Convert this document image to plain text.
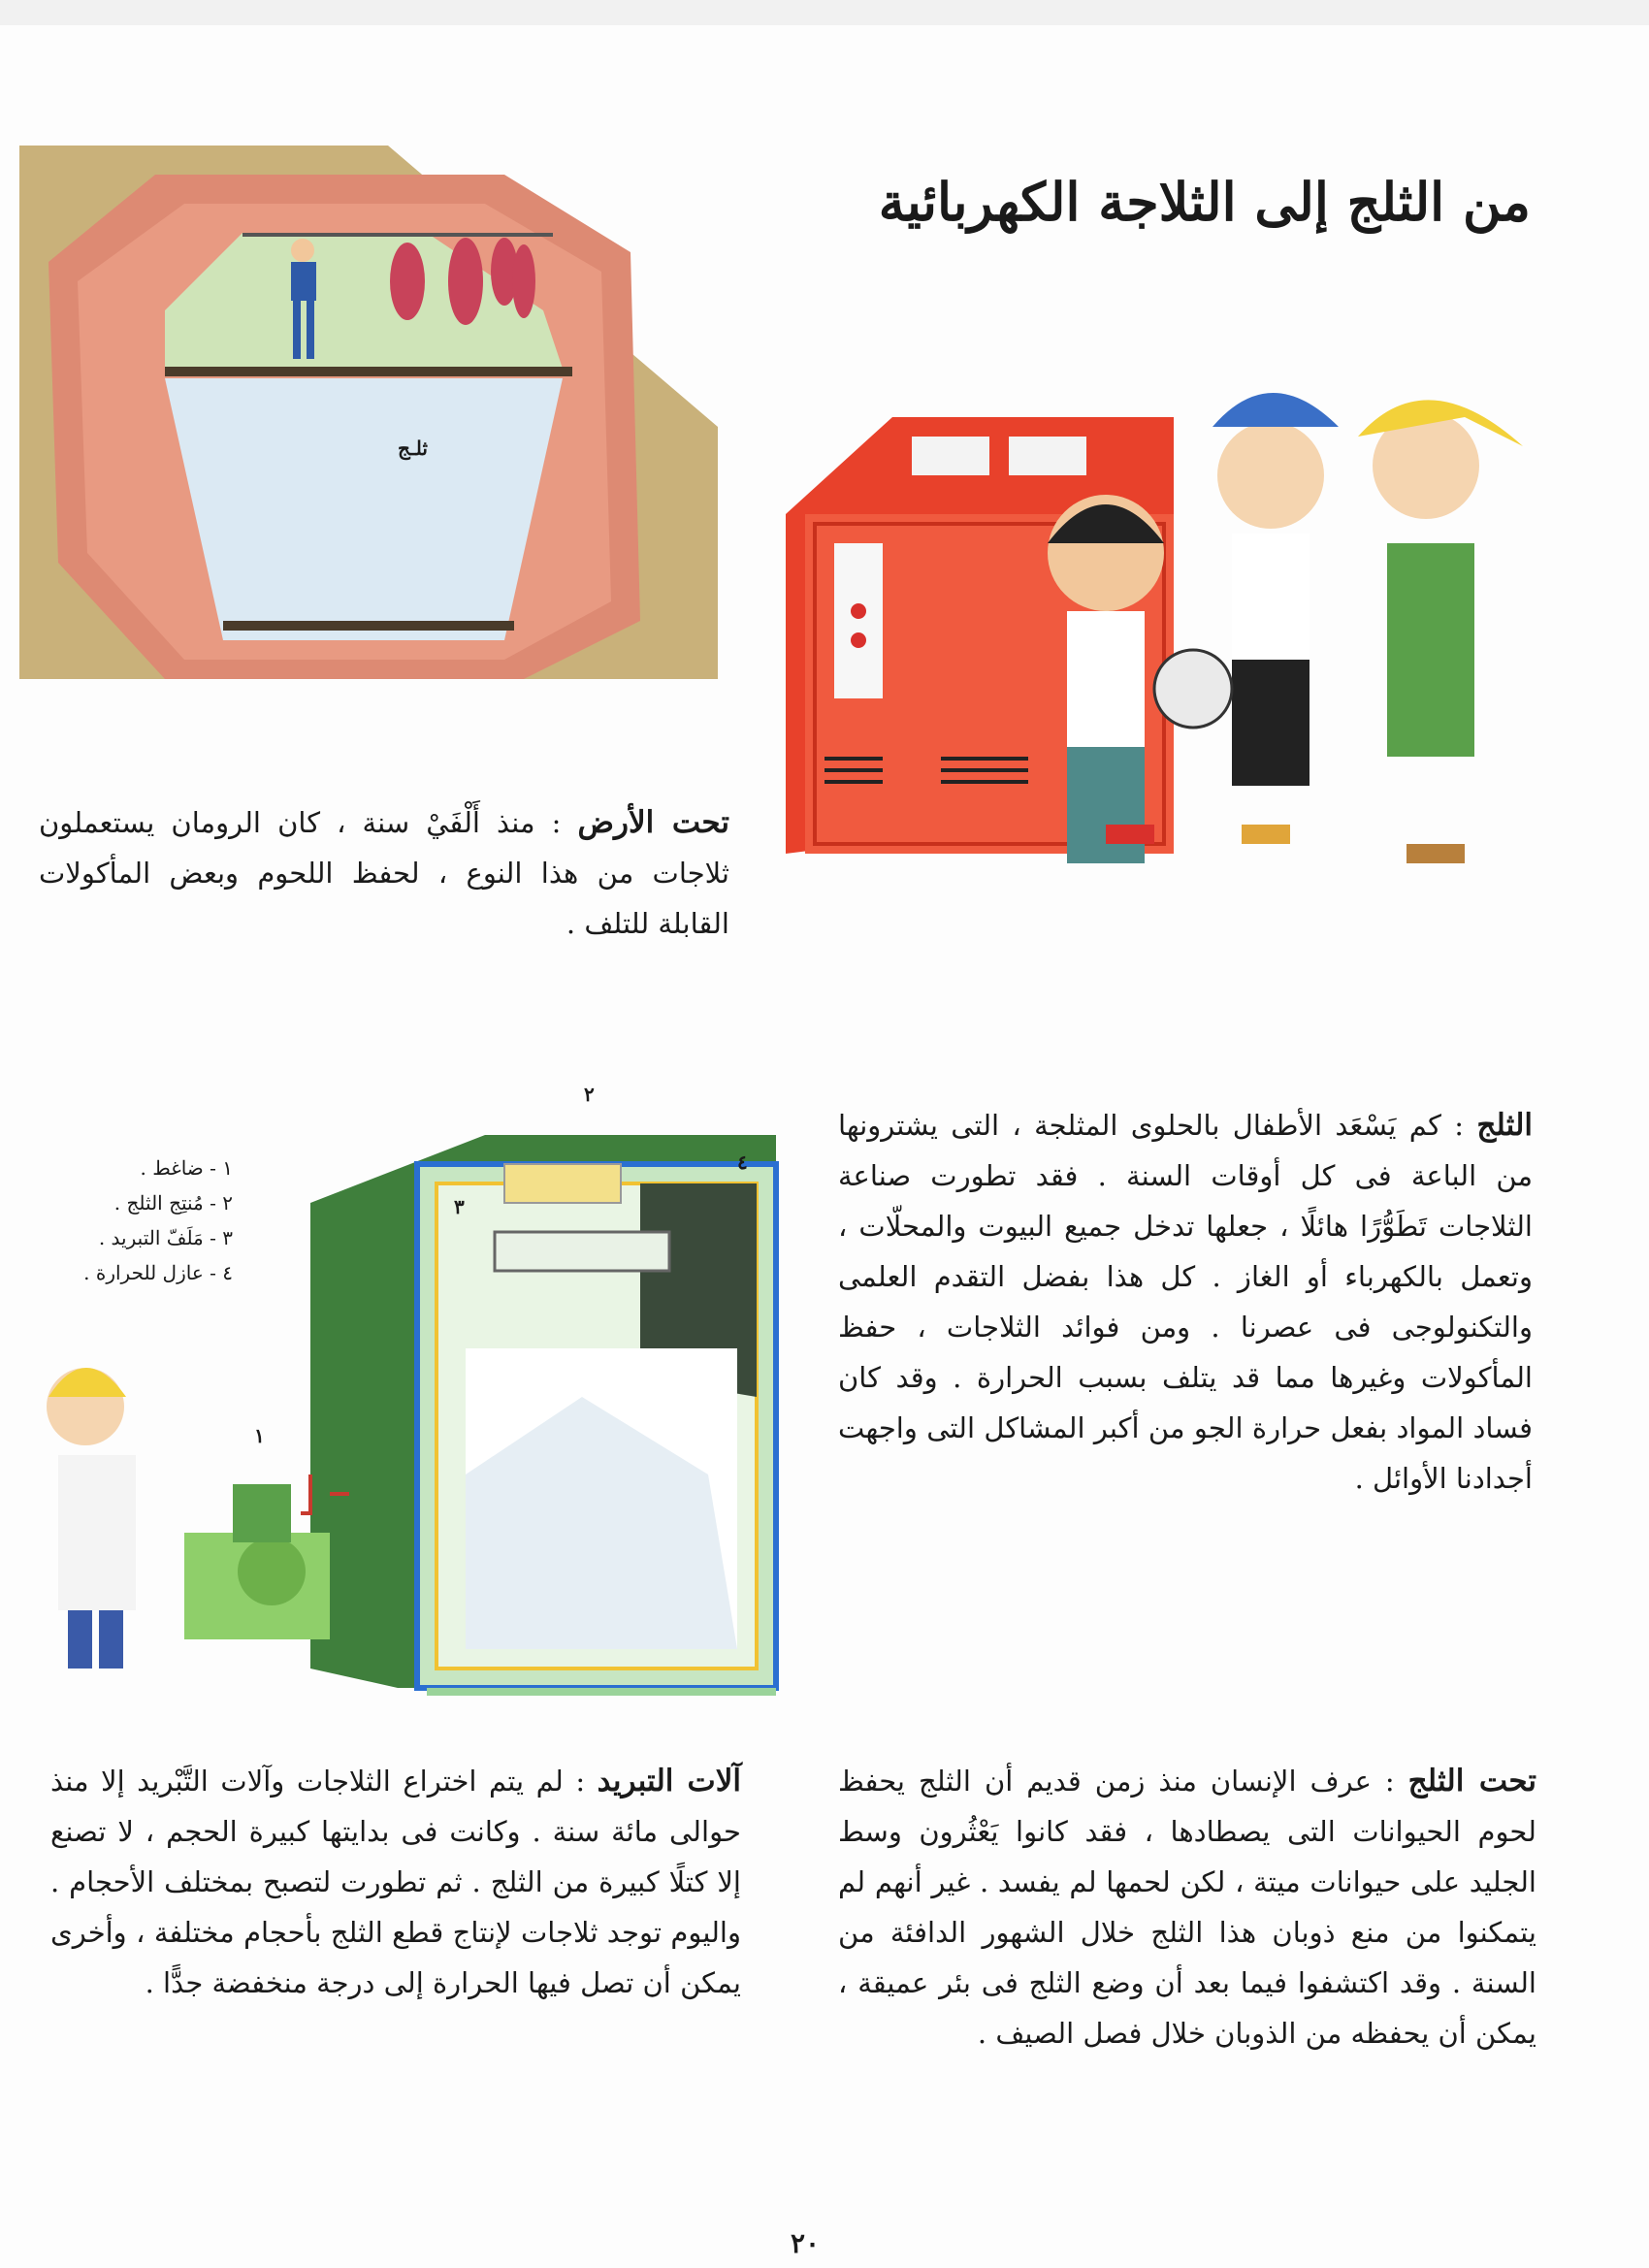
من الثلج إلى الثلاجة الكهربائية
ثلـج
تحت الأرض : منذ أَلْفَيْ سنة ، كان الرومان يستعملون ثلاجات من هذا النوع ، لحفظ اللحوم وبعض المأكولات القابلة للتلف .
٢
٤
٣
١
١ - ضاغط .
٢ - مُنتِج الثلج .
٣ - مَلَفّ التبريد .
٤ - عازل للحرارة .
الثلج : كم يَسْعَد الأطفال بالحلوى المثلجة ، التى يشترونها من الباعة فى كل أوقات السنة . فقد تطورت صناعة الثلاجات تَطَوُّرًا هائلًا ، جعلها تدخل جميع البيوت والمحلّات ، وتعمل بالكهرباء أو الغاز . كل هذا بفضل التقدم العلمى والتكنولوجى فى عصرنا . ومن فوائد الثلاجات ، حفظ المأكولات وغيرها مما قد يتلف بسبب الحرارة . وقد كان فساد المواد بفعل حرارة الجو من أكبر المشاكل التى واجهت أجدادنا الأوائل .
آلات التبريد : لم يتم اختراع الثلاجات وآلات التَّبْريد إلا منذ حوالى مائة سنة . وكانت فى بدايتها كبيرة الحجم ، لا تصنع إلا كتلًا كبيرة من الثلج . ثم تطورت لتصبح بمختلف الأحجام . واليوم توجد ثلاجات لإنتاج قطع الثلج بأحجام مختلفة ، وأخرى يمكن أن تصل فيها الحرارة إلى درجة منخفضة جدًّا .
تحت الثلج : عرف الإنسان منذ زمن قديم أن الثلج يحفظ لحوم الحيوانات التى يصطادها ، فقد كانوا يَعْثُرون وسط الجليد على حيوانات ميتة ، لكن لحمها لم يفسد . غير أنهم لم يتمكنوا من منع ذوبان هذا الثلج خلال الشهور الدافئة من السنة . وقد اكتشفوا فيما بعد أن وضع الثلج فى بئر عميقة ، يمكن أن يحفظه من الذوبان خلال فصل الصيف .
٢٠
